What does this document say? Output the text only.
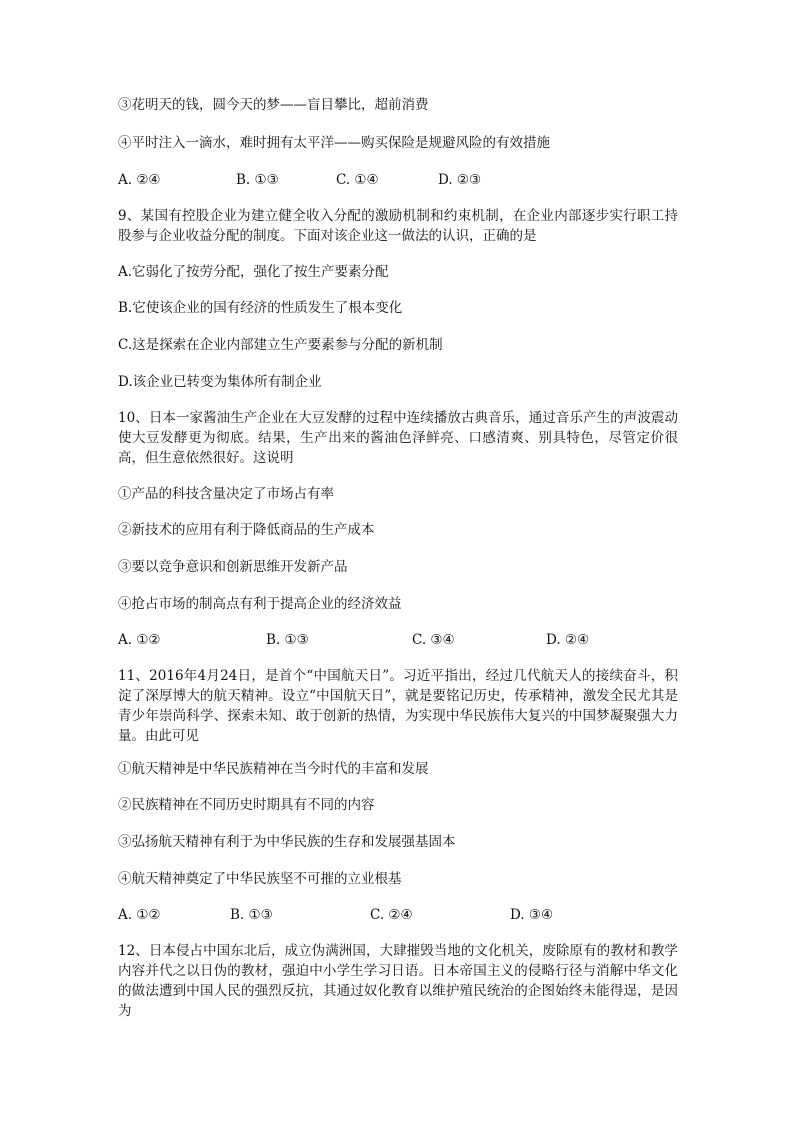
③花明天的钱，圆今天的梦——盲目攀比，超前消费
④平时注入一滴水，难时拥有太平洋——购买保险是规避风险的有效措施
A. ②④	B. ①③	C. ①④	D. ②③
9、某国有控股企业为建立健全收入分配的激励机制和约束机制，在企业内部逐步实行职工持股参与企业收益分配的制度。下面对该企业这一做法的认识，正确的是
A.它弱化了按劳分配，强化了按生产要素分配
B.它使该企业的国有经济的性质发生了根本变化
C.这是探索在企业内部建立生产要素参与分配的新机制
D.该企业已转变为集体所有制企业
10、日本一家酱油生产企业在大豆发酵的过程中连续播放古典音乐，通过音乐产生的声波震动使大豆发酵更为彻底。结果，生产出来的酱油色泽鲜亮、口感清爽、别具特色，尽管定价很高，但生意依然很好。这说明
①产品的科技含量决定了市场占有率
②新技术的应用有利于降低商品的生产成本
③要以竞争意识和创新思维开发新产品
④抢占市场的制高点有利于提高企业的经济效益
A. ①②	B. ①③	C. ③④	D. ②④
11、2016年4月24日，是首个“中国航天日”。习近平指出，经过几代航天人的接续奋斗，积淀了深厚博大的航天精神。设立“中国航天日”，就是要铭记历史，传承精神，激发全民尤其是青少年崇尚科学、探索未知、敢于创新的热情，为实现中华民族伟大复兴的中国梦凝聚强大力量。由此可见
①航天精神是中华民族精神在当今时代的丰富和发展
②民族精神在不同历史时期具有不同的内容
③弘扬航天精神有利于为中华民族的生存和发展强基固本
④航天精神奠定了中华民族坚不可摧的立业根基
A. ①②	B. ①③	C. ②④	D. ③④
12、日本侵占中国东北后，成立伪满洲国，大肆摧毁当地的文化机关，废除原有的教材和教学内容并代之以日伪的教材，强迫中小学生学习日语。日本帝国主义的侵略行径与消解中华文化的做法遭到中国人民的强烈反抗，其通过奴化教育以维护殖民统治的企图始终未能得逞，是因为
